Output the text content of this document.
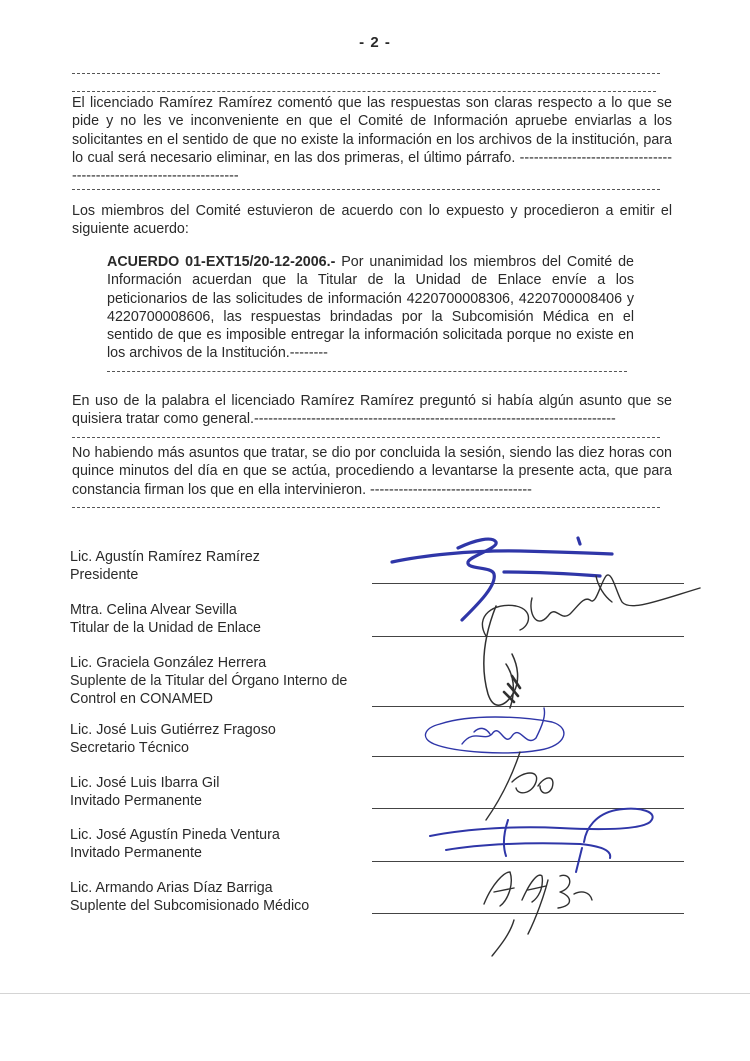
- 2 -

El licenciado Ramírez Ramírez comentó que las respuestas son claras respecto a lo que se pide y no les ve inconveniente en que el Comité de Información apruebe enviarlas a los solicitantes en el sentido de que no existe la información en los archivos de la institución, para lo cual será necesario eliminar, en las dos primeras, el último párrafo. -------------------------------------------------------------------

Los miembros del Comité estuvieron de acuerdo con lo expuesto y procedieron a emitir el siguiente acuerdo:

ACUERDO 01-EXT15/20-12-2006.- Por unanimidad los miembros del Comité de Información acuerdan que la Titular de la Unidad de Enlace envíe a los peticionarios de las solicitudes de información 4220700008306, 4220700008406 y 4220700008606, las respuestas brindadas por la Subcomisión Médica en el sentido de que es imposible entregar la información solicitada porque no existe en los archivos de la Institución.--------

En uso de la palabra el licenciado Ramírez Ramírez preguntó si había algún asunto que se quisiera tratar como general.----------------------------------------------------------------------------

No habiendo más asuntos que tratar, se dio por concluida la sesión, siendo las diez horas con quince minutos del día en que se actúa, procediendo a levantarse la presente acta, que para constancia firman los que en ella intervinieron. ----------------------------------

Lic. Agustín Ramírez Ramírez
Presidente
Mtra. Celina Alvear Sevilla
Titular de la Unidad de Enlace
Lic. Graciela González Herrera
Suplente de la Titular del Órgano Interno de
Control en CONAMED
Lic. José Luis Gutiérrez Fragoso
Secretario Técnico
Lic. José Luis Ibarra Gil
Invitado Permanente
Lic. José Agustín Pineda Ventura
Invitado Permanente
Lic. Armando Arias Díaz Barriga
Suplente del Subcomisionado Médico
